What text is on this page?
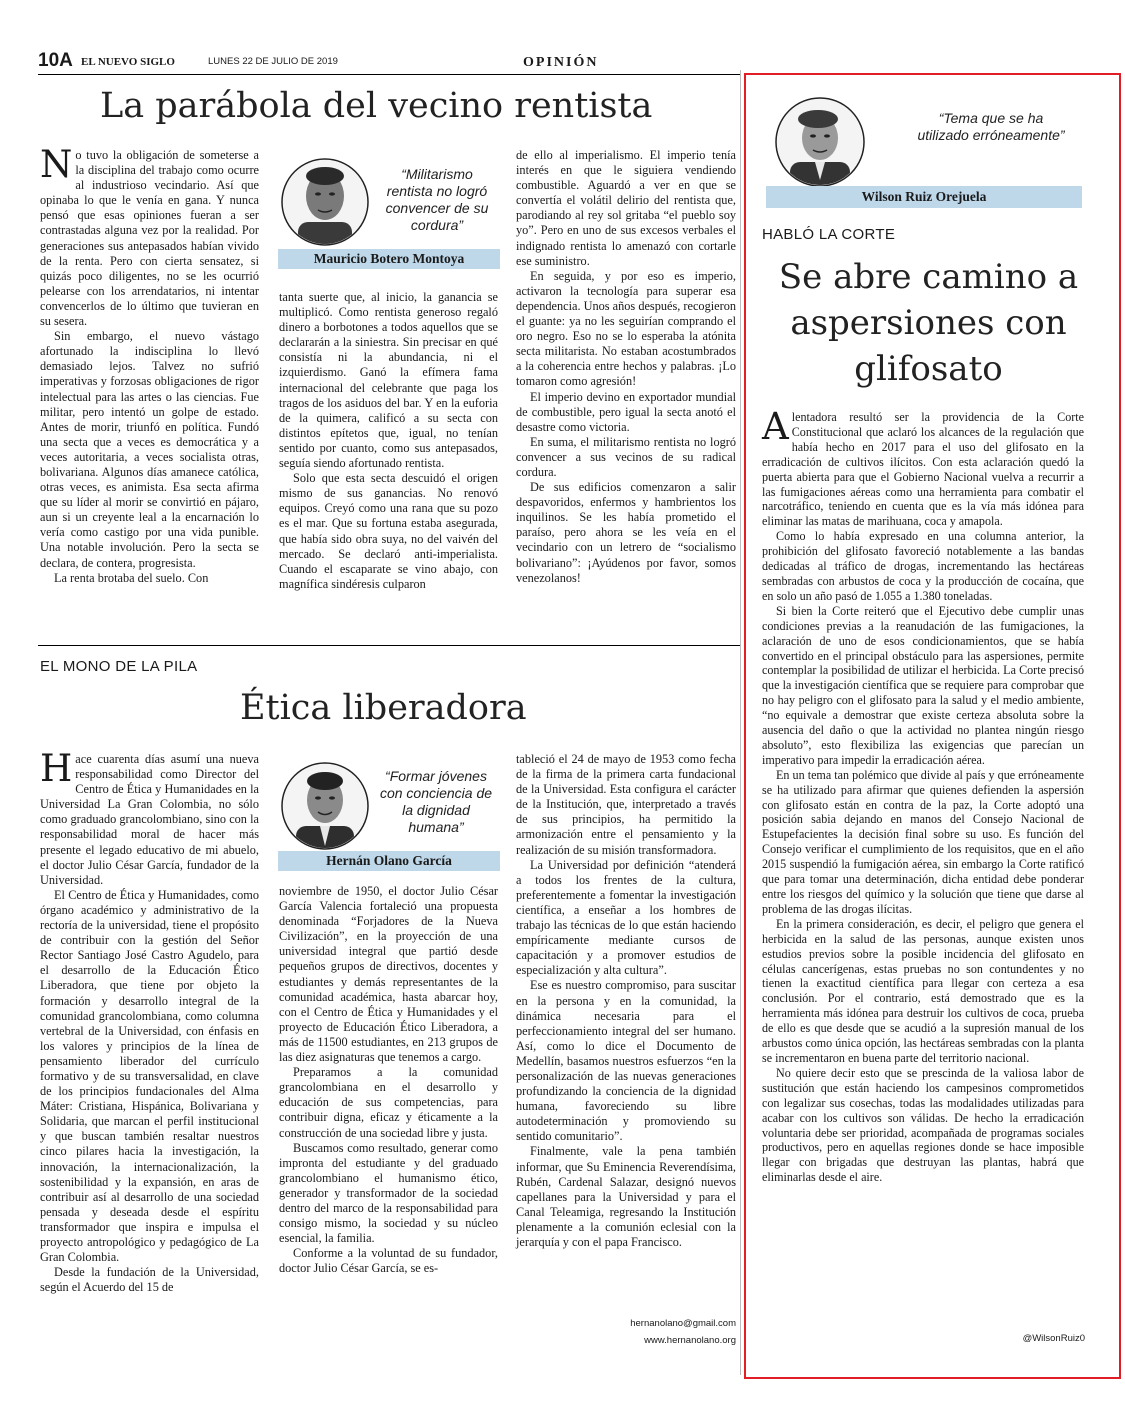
10A EL NUEVO SIGLO	LUNES 22 DE JULIO DE 2019	OPINIÓN
La parábola del vecino rentista

No tuvo la obligación de someterse a la disciplina del trabajo como ocurre al industrioso vecindario. Así que opinaba lo que le venía en gana. Y nunca pensó que esas opiniones fueran a ser contrastadas alguna vez por la realidad. Por generaciones sus antepasados habían vivido de la renta. Pero con cierta sensatez, si quizás poco diligentes, no se les ocurrió pelearse con los arrendatarios, ni intentar convencerlos de lo último que tuvieran en su sesera.

Sin embargo, el nuevo vástago afortunado la indisciplina lo llevó demasiado lejos. Talvez no sufrió imperativas y forzosas obligaciones de rigor intelectual para las artes o las ciencias. Fue militar, pero intentó un golpe de estado. Antes de morir, triunfó en política. Fundó una secta que a veces es democrática y a veces autoritaria, a veces socialista otras, bolivariana. Algunos días amanece católica, otras veces, es animista. Esa secta afirma que su líder al morir se convirtió en pájaro, aun si un creyente leal a la encarnación lo vería como castigo por una vida punible. Una notable involución. Pero la secta se declara, de contera, progresista.

La renta brotaba del suelo. Con

“Militarismo rentista no logró convencer de su cordura”
Mauricio Botero Montoya

tanta suerte que, al inicio, la ganancia se multiplicó. Como rentista generoso regaló dinero a borbotones a todos aquellos que se declararán a la siniestra. Sin precisar en qué consistía ni la abundancia, ni el izquierdismo. Ganó la efímera fama internacional del celebrante que paga los tragos de los asiduos del bar. Y en la euforia de la quimera, calificó a su secta con distintos epítetos que, igual, no tenían sentido por cuanto, como sus antepasados, seguía siendo afortunado rentista.

Solo que esta secta descuidó el origen mismo de sus ganancias. No renovó equipos. Creyó como una rana que su pozo es el mar. Que su fortuna estaba asegurada, que había sido obra suya, no del vaivén del mercado. Se declaró anti-imperialista. Cuando el escaparate se vino abajo, con magnífica sindéresis culparon

de ello al imperialismo. El imperio tenía interés en que le siguiera vendiendo combustible. Aguardó a ver en que se convertía el volátil delirio del rentista que, parodiando al rey sol gritaba “el pueblo soy yo”. Pero en uno de sus excesos verbales el indignado rentista lo amenazó con cortarle ese suministro.

En seguida, y por eso es imperio, activaron la tecnología para superar esa dependencia. Unos años después, recogieron el guante: ya no les seguirían comprando el oro negro. Eso no se lo esperaba la atónita secta militarista. No estaban acostumbrados a la coherencia entre hechos y palabras. ¡Lo tomaron como agresión!

El imperio devino en exportador mundial de combustible, pero igual la secta anotó el desastre como victoria.

En suma, el militarismo rentista no logró convencer a sus vecinos de su radical cordura.

De sus edificios comenzaron a salir despavoridos, enfermos y hambrientos los inquilinos. Se les había prometido el paraíso, pero ahora se les veía en el vecindario con un letrero de “socialismo bolivariano”: ¡Ayúdenos por favor, somos venezolanos!

EL MONO DE LA PILA
Ética liberadora

Hace cuarenta días asumí una nueva responsabilidad como Director del Centro de Ética y Humanidades en la Universidad La Gran Colombia, no sólo como graduado grancolombiano, sino con la responsabilidad moral de hacer más presente el legado educativo de mi abuelo, el doctor Julio César García, fundador de la Universidad.

El Centro de Ética y Humanidades, como órgano académico y administrativo de la rectoría de la universidad, tiene el propósito de contribuir con la gestión del Señor Rector Santiago José Castro Agudelo, para el desarrollo de la Educación Ético Liberadora, que tiene por objeto la formación y desarrollo integral de la comunidad grancolombiana, como columna vertebral de la Universidad, con énfasis en los valores y principios de la línea de pensamiento liberador del currículo formativo y de su transversalidad, en clave de los principios fundacionales del Alma Máter: Cristiana, Hispánica, Bolivariana y Solidaria, que marcan el perfil institucional y que buscan también resaltar nuestros cinco pilares hacia la investigación, la innovación, la internacionalización, la sostenibilidad y la expansión, en aras de contribuir así al desarrollo de una sociedad pensada y deseada desde el espíritu transformador que inspira e impulsa el proyecto antropológico y pedagógico de La Gran Colombia.

Desde la fundación de la Universidad, según el Acuerdo del 15 de

“Formar jóvenes con conciencia de la dignidad humana”
Hernán Olano García

noviembre de 1950, el doctor Julio César García Valencia fortaleció una propuesta denominada “Forjadores de la Nueva Civilización”, en la proyección de una universidad integral que partió desde pequeños grupos de directivos, docentes y estudiantes y demás representantes de la comunidad académica, hasta abarcar hoy, con el Centro de Ética y Humanidades y el proyecto de Educación Ético Liberadora, a más de 11500 estudiantes, en 213 grupos de las diez asignaturas que tenemos a cargo.

Preparamos a la comunidad grancolombiana en el desarrollo y educación de sus competencias, para contribuir digna, eficaz y éticamente a la construcción de una sociedad libre y justa.

Buscamos como resultado, generar como impronta del estudiante y del graduado grancolombiano el humanismo ético, generador y transformador de la sociedad dentro del marco de la responsabilidad para consigo mismo, la sociedad y su núcleo esencial, la familia.

Conforme a la voluntad de su fundador, doctor Julio César García, se es-

tableció el 24 de mayo de 1953 como fecha de la firma de la primera carta fundacional de la Universidad. Esta configura el carácter de la Institución, que, interpretado a través de sus principios, ha permitido la armonización entre el pensamiento y la realización de su misión transformadora.

La Universidad por definición “atenderá a todos los frentes de la cultura, preferentemente a fomentar la investigación científica, a enseñar a los hombres de trabajo las técnicas de lo que están haciendo empíricamente mediante cursos de capacitación y a promover estudios de especialización y alta cultura”.

Ese es nuestro compromiso, para suscitar en la persona y en la comunidad, la dinámica necesaria para el perfeccionamiento integral del ser humano. Así, como lo dice el Documento de Medellín, basamos nuestros esfuerzos “en la personalización de las nuevas generaciones profundizando la conciencia de la dignidad humana, favoreciendo su libre autodeterminación y promoviendo su sentido comunitario”.

Finalmente, vale la pena también informar, que Su Eminencia Reverendísima, Rubén, Cardenal Salazar, designó nuevos capellanes para la Universidad y para el Canal Teleamiga, regresando la Institución plenamente a la comunión eclesial con la jerarquía y con el papa Francisco.

hernanolano@gmail.com
www.hernanolano.org
“Tema que se ha utilizado erróneamente”
Wilson Ruiz Orejuela
HABLÓ LA CORTE
Se abre camino a aspersiones con glifosato

Alentadora resultó ser la providencia de la Corte Constitucional que aclaró los alcances de la regulación que había hecho en 2017 para el uso del glifosato en la erradicación de cultivos ilícitos. Con esta aclaración quedó la puerta abierta para que el Gobierno Nacional vuelva a recurrir a las fumigaciones aéreas como una herramienta para combatir el narcotráfico, teniendo en cuenta que es la vía más idónea para eliminar las matas de marihuana, coca y amapola.

Como lo había expresado en una columna anterior, la prohibición del glifosato favoreció notablemente a las bandas dedicadas al tráfico de drogas, incrementando las hectáreas sembradas con arbustos de coca y la producción de cocaína, que en solo un año pasó de 1.055 a 1.380 toneladas.

Si bien la Corte reiteró que el Ejecutivo debe cumplir unas condiciones previas a la reanudación de las fumigaciones, la aclaración de uno de esos condicionamientos, que se había convertido en el principal obstáculo para las aspersiones, permite contemplar la posibilidad de utilizar el herbicida. La Corte precisó que la investigación científica que se requiere para comprobar que no hay peligro con el glifosato para la salud y el medio ambiente, “no equivale a demostrar que existe certeza absoluta sobre la ausencia del daño o que la actividad no plantea ningún riesgo absoluto”, esto flexibiliza las exigencias que parecían un imperativo para impedir la erradicación aérea.

En un tema tan polémico que divide al país y que erróneamente se ha utilizado para afirmar que quienes defienden la aspersión con glifosato están en contra de la paz, la Corte adoptó una posición sabia dejando en manos del Consejo Nacional de Estupefacientes la decisión final sobre su uso. Es función del Consejo verificar el cumplimiento de los requisitos, que en el año 2015 suspendió la fumigación aérea, sin embargo la Corte ratificó que para tomar una determinación, dicha entidad debe ponderar entre los riesgos del químico y la solución que tiene que darse al problema de las drogas ilícitas.

En la primera consideración, es decir, el peligro que genera el herbicida en la salud de las personas, aunque existen unos estudios previos sobre la posible incidencia del glifosato en células cancerígenas, estas pruebas no son contundentes y no tienen la exactitud científica para llegar con certeza a esa conclusión. Por el contrario, está demostrado que es la herramienta más idónea para destruir los cultivos de coca, prueba de ello es que desde que se acudió a la supresión manual de los arbustos como única opción, las hectáreas sembradas con la planta se incrementaron en buena parte del territorio nacional.

No quiere decir esto que se prescinda de la valiosa labor de sustitución que están haciendo los campesinos comprometidos con legalizar sus cosechas, todas las modalidades utilizadas para acabar con los cultivos son válidas. De hecho la erradicación voluntaria debe ser prioridad, acompañada de programas sociales productivos, pero en aquellas regiones donde se hace imposible llegar con brigadas que destruyan las plantas, habrá que eliminarlas desde el aire.

@WilsonRuiz0
